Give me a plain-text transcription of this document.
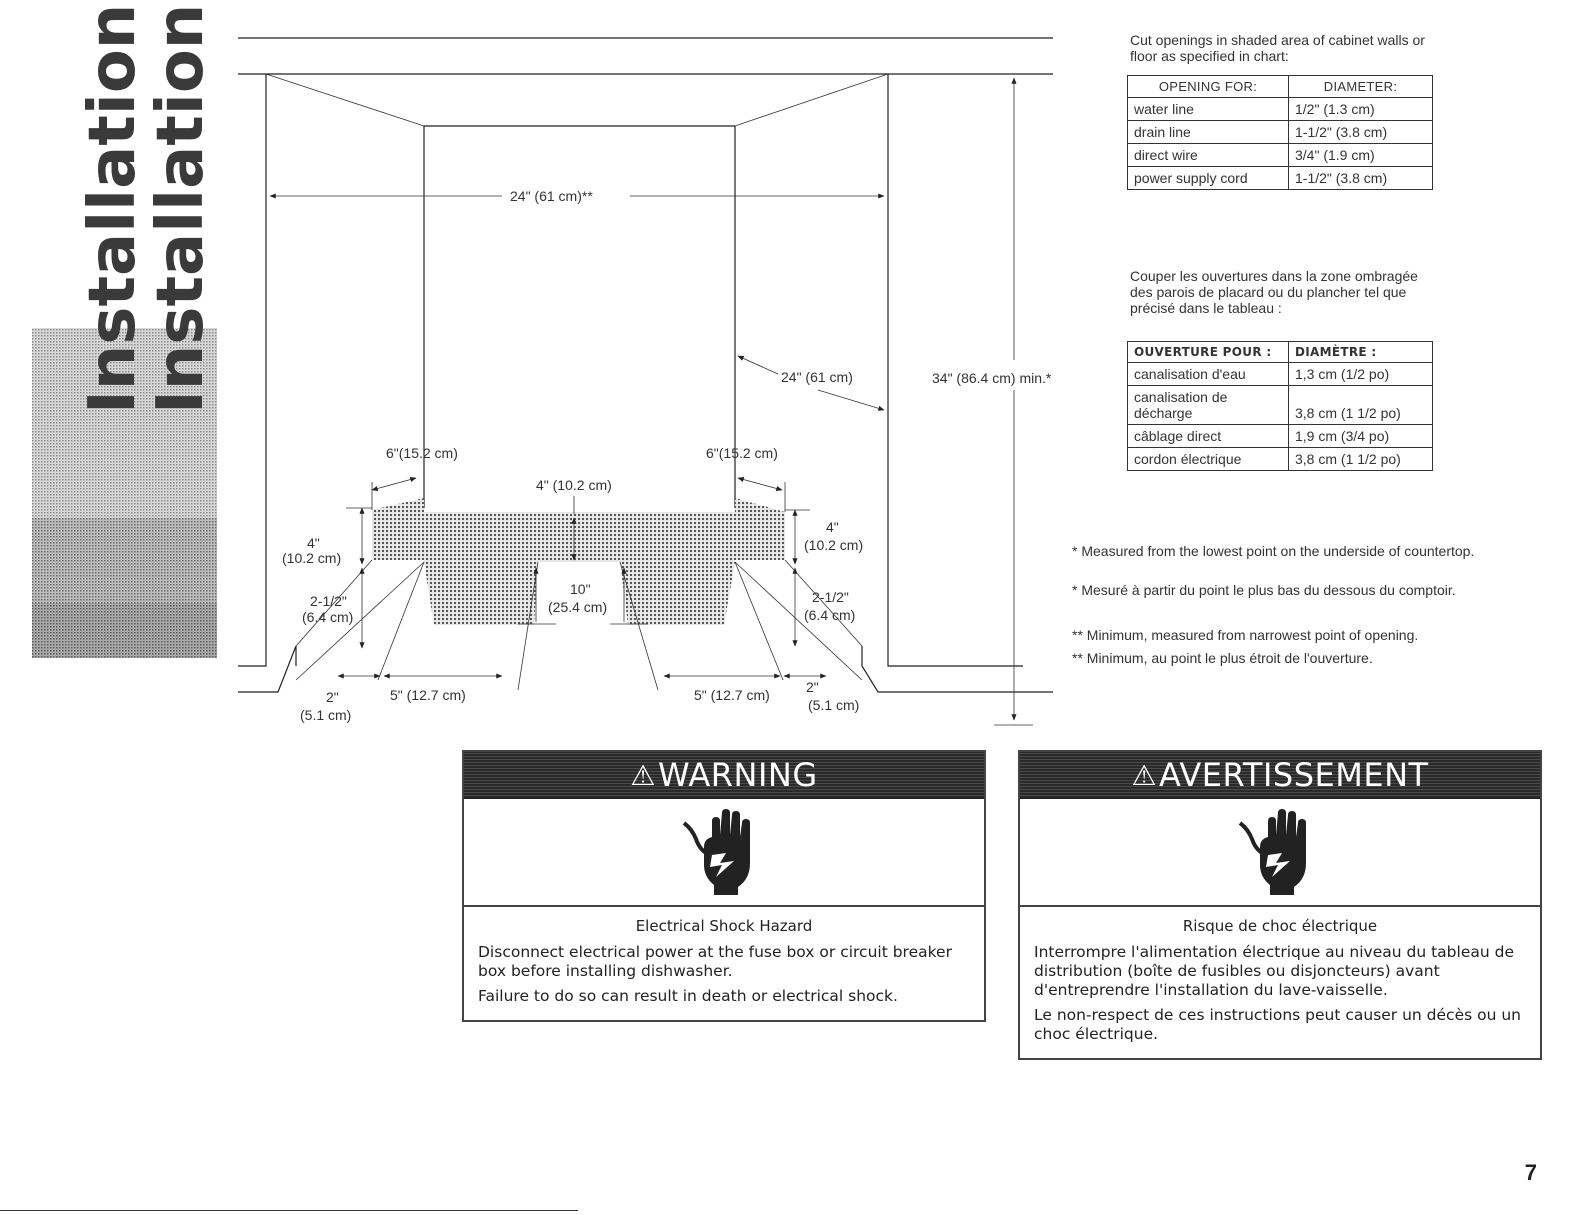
Installation
Installation	24" (61 cm)**
24" (61 cm)	34" (86.4 cm) min.*
6"(15.2 cm)	6"(15.2 cm)
4" (10.2 cm)
4"
(10.2 cm)
2-1/2"
(6.4 cm)
4"
(10.2 cm)
2-1/2"
(6.4 cm)
10"
(25.4 cm)
2"
(5.1 cm)
5" (12.7 cm)	5" (12.7 cm)	2"
(5.1 cm)
Cut openings in shaded area of cabinet walls or floor as specified in chart:
OPENING FOR:	DIAMETER:
water line	1/2" (1.3 cm)
drain line	1-1/2" (3.8 cm)
direct wire	3/4" (1.9 cm)
power supply cord	1-1/2" (3.8 cm)
Couper les ouvertures dans la zone ombragée des parois de placard ou du plancher tel que précisé dans le tableau :
OUVERTURE POUR :	DIAMÈTRE :
canalisation d'eau	1,3 cm (1/2 po)
canalisation de décharge	3,8 cm (1 1/2 po)
câblage direct	1,9 cm (3/4 po)
cordon électrique	3,8 cm (1 1/2 po)
* Measured from the lowest point on the underside of countertop.
* Mesuré à partir du point le plus bas du dessous du comptoir.
** Minimum, measured from narrowest point of opening.
** Minimum, au point le plus étroit de l'ouverture.
⚠ WARNING
Electrical Shock Hazard

Disconnect electrical power at the fuse box or circuit breaker box before installing dishwasher.

Failure to do so can result in death or electrical shock.

⚠ AVERTISSEMENT
Risque de choc électrique

Interrompre l'alimentation électrique au niveau du tableau de distribution (boîte de fusibles ou disjoncteurs) avant d'entreprendre l'installation du lave-vaisselle.

Le non-respect de ces instructions peut causer un décès ou un choc électrique.

7
